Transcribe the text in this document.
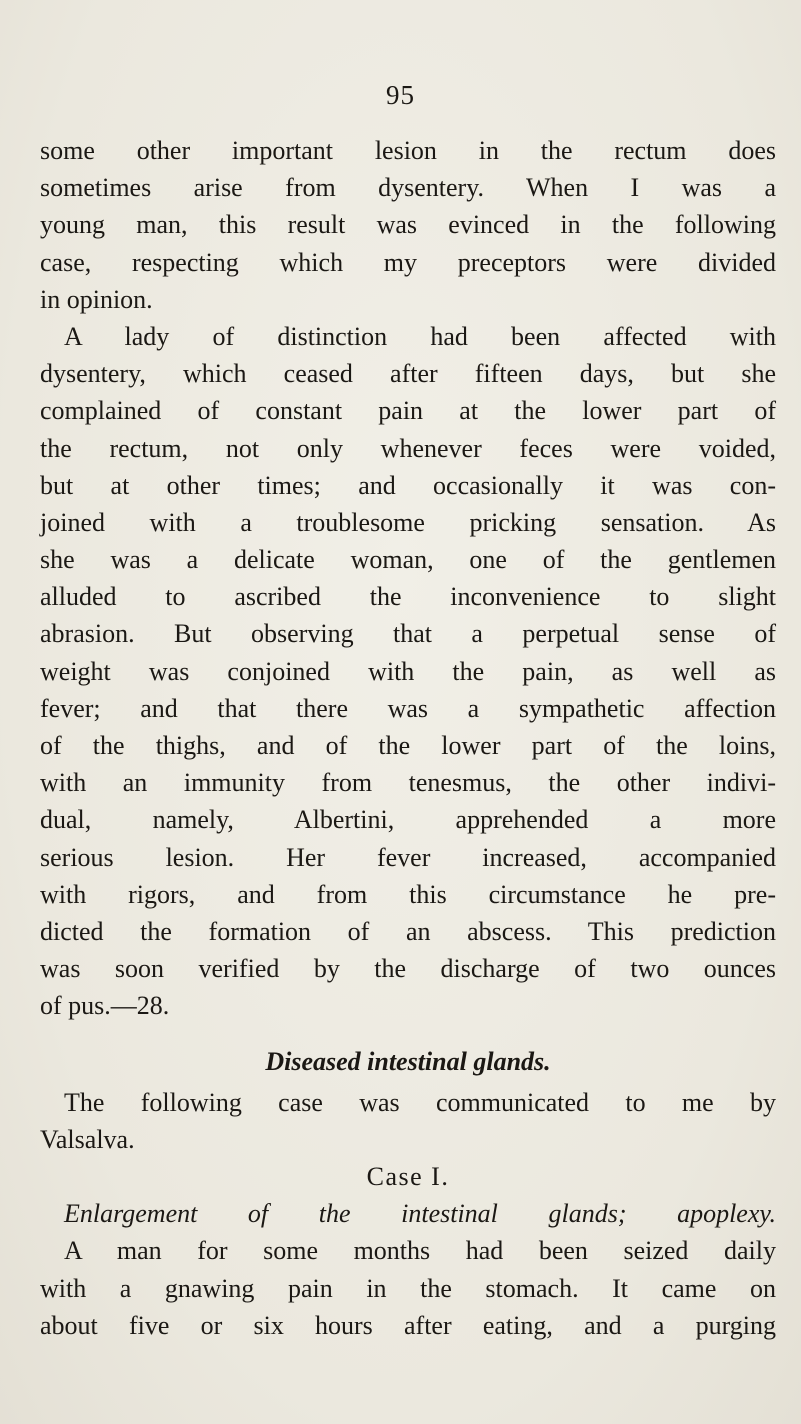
95
some other important lesion in the rectum does
sometimes arise from dysentery. When I was a
young man, this result was evinced in the following
case, respecting which my preceptors were divided
in opinion.
A lady of distinction had been affected with
dysentery, which ceased after fifteen days, but she
complained of constant pain at the lower part of
the rectum, not only whenever feces were voided,
but at other times; and occasionally it was con-
joined with a troublesome pricking sensation. As
she was a delicate woman, one of the gentlemen
alluded to ascribed the inconvenience to slight
abrasion. But observing that a perpetual sense of
weight was conjoined with the pain, as well as
fever; and that there was a sympathetic affection
of the thighs, and of the lower part of the loins,
with an immunity from tenesmus, the other indivi-
dual, namely, Albertini, apprehended a more
serious lesion. Her fever increased, accompanied
with rigors, and from this circumstance he pre-
dicted the formation of an abscess. This prediction
was soon verified by the discharge of two ounces
of pus.—28.
Diseased intestinal glands.
The following case was communicated to me by
Valsalva.
Case I.
Enlargement of the intestinal glands; apoplexy.
A man for some months had been seized daily
with a gnawing pain in the stomach. It came on
about five or six hours after eating, and a purging
